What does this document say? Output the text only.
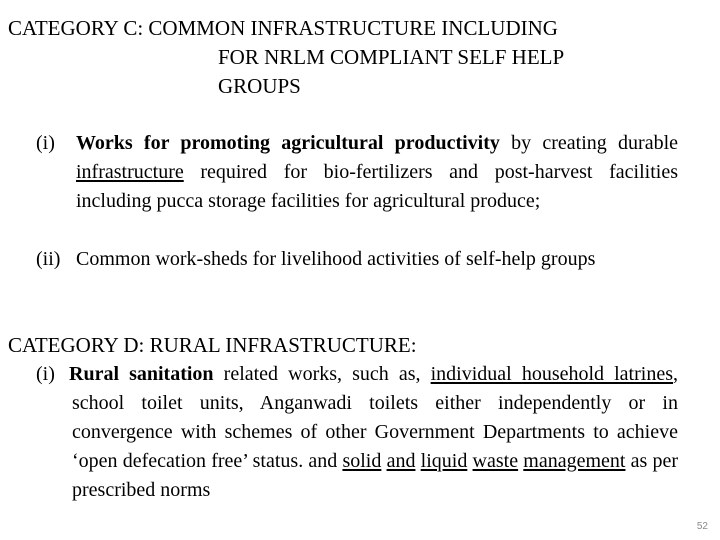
CATEGORY C: COMMON INFRASTRUCTURE INCLUDING
FOR NRLM COMPLIANT SELF HELP
GROUPS
(i) Works for promoting agricultural productivity by creating durable infrastructure required for bio-fertilizers and post-harvest facilities including pucca storage facilities for agricultural produce;
(ii) Common work-sheds for livelihood activities of self-help groups
CATEGORY D: RURAL INFRASTRUCTURE:
(i) Rural sanitation related works, such as, individual household latrines, school toilet units, Anganwadi toilets either independently or in convergence with schemes of other Government Departments to achieve ‘open defecation free’ status. and solid and liquid waste management as per prescribed norms
52
